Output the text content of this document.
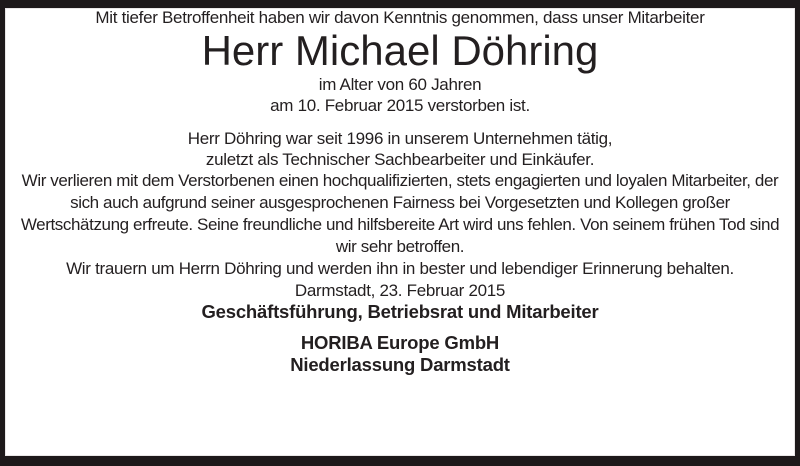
Mit tiefer Betroffenheit haben wir davon Kenntnis genommen, dass unser Mitarbeiter

Herr Michael Döhring

im Alter von 60 Jahren

am 10. Februar 2015 verstorben ist.

Herr Döhring war seit 1996 in unserem Unternehmen tätig,

zuletzt als Technischer Sachbearbeiter und Einkäufer.

Wir verlieren mit dem Verstorbenen einen hochqualifizierten, stets engagierten und loyalen Mitarbeiter, der sich auch aufgrund seiner ausgesprochenen Fairness bei Vorgesetzten und Kollegen großer Wertschätzung erfreute. Seine freundliche und hilfsbereite Art wird uns fehlen. Von seinem frühen Tod sind wir sehr betroffen.

Wir trauern um Herrn Döhring und werden ihn in bester und lebendiger Erinnerung behalten.

Darmstadt, 23. Februar 2015

Geschäftsführung, Betriebsrat und Mitarbeiter

HORIBA Europe GmbH

Niederlassung Darmstadt
